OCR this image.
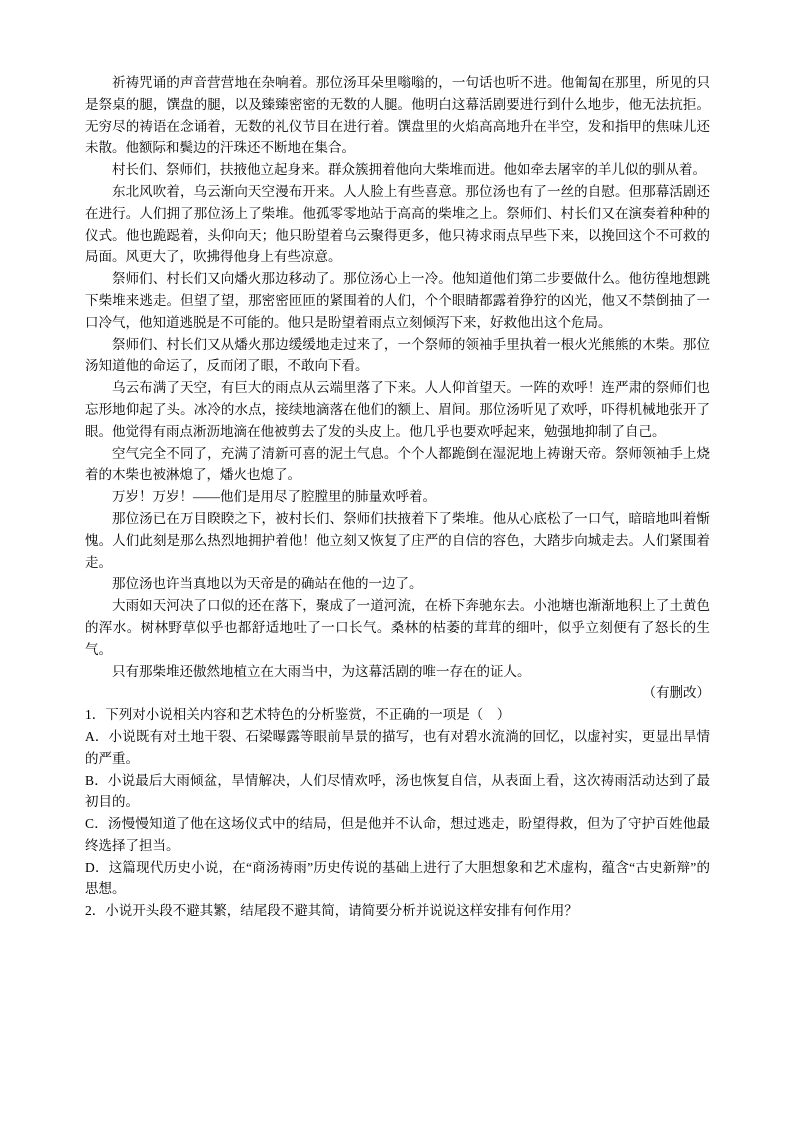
祈祷咒诵的声音营营地在杂响着。那位汤耳朵里嗡嗡的，一句话也听不进。他匍匐在那里，所见的只是祭桌的腿，馔盘的腿，以及臻臻密密的无数的人腿。他明白这幕活剧要进行到什么地步，他无法抗拒。无穷尽的祷语在念诵着，无数的礼仪节目在进行着。馔盘里的火焰高高地升在半空，发和指甲的焦味儿还未散。他额际和鬓边的汗珠还不断地在集合。

村长们、祭师们，扶掖他立起身来。群众簇拥着他向大柴堆而进。他如牵去屠宰的羊儿似的驯从着。

东北风吹着，乌云渐向天空漫布开来。人人脸上有些喜意。那位汤也有了一丝的自慰。但那幕活剧还在进行。人们拥了那位汤上了柴堆。他孤零零地站于高高的柴堆之上。祭师们、村长们又在演奏着种种的仪式。他也跪跽着，头仰向天；他只盼望着乌云聚得更多，他只祷求雨点早些下来，以挽回这个不可救的局面。风更大了，吹拂得他身上有些凉意。

祭师们、村长们又向燔火那边移动了。那位汤心上一冷。他知道他们第二步要做什么。他彷徨地想跳下柴堆来逃走。但望了望，那密密匝匝的紧围着的人们，个个眼睛都露着狰狞的凶光，他又不禁倒抽了一口冷气，他知道逃脱是不可能的。他只是盼望着雨点立刻倾泻下来，好救他出这个危局。

祭师们、村长们又从燔火那边缓缓地走过来了，一个祭师的领袖手里执着一根火光熊熊的木柴。那位汤知道他的命运了，反而闭了眼，不敢向下看。

乌云布满了天空，有巨大的雨点从云端里落了下来。人人仰首望天。一阵的欢呼！连严肃的祭师们也忘形地仰起了头。冰冷的水点，接续地滴落在他们的额上、眉间。那位汤听见了欢呼，吓得机械地张开了眼。他觉得有雨点淅沥地滴在他被剪去了发的头皮上。他几乎也要欢呼起来，勉强地抑制了自己。

空气完全不同了，充满了清新可喜的泥土气息。个个人都跪倒在湿泥地上祷谢天帝。祭师领袖手上烧着的木柴也被淋熄了，燔火也熄了。

万岁！万岁！——他们是用尽了腔膛里的肺量欢呼着。

那位汤已在万目睽睽之下，被村长们、祭师们扶掖着下了柴堆。他从心底松了一口气，暗暗地叫着惭愧。人们此刻是那么热烈地拥护着他！他立刻又恢复了庄严的自信的容色，大踏步向城走去。人们紧围着走。

那位汤也许当真地以为天帝是的确站在他的一边了。

大雨如天河决了口似的还在落下，聚成了一道河流，在桥下奔驰东去。小池塘也渐渐地积上了土黄色的浑水。树林野草似乎也都舒适地吐了一口长气。桑林的枯萎的茸茸的细叶，似乎立刻便有了怒长的生气。

只有那柴堆还傲然地植立在大雨当中，为这幕活剧的唯一存在的证人。

（有删改）

1．下列对小说相关内容和艺术特色的分析鉴赏，不正确的一项是（　）

A．小说既有对土地干裂、石梁曝露等眼前旱景的描写，也有对碧水流淌的回忆，以虚衬实，更显出旱情的严重。

B．小说最后大雨倾盆，旱情解决，人们尽情欢呼，汤也恢复自信，从表面上看，这次祷雨活动达到了最初目的。

C．汤慢慢知道了他在这场仪式中的结局，但是他并不认命，想过逃走，盼望得救，但为了守护百姓他最终选择了担当。

D．这篇现代历史小说，在“商汤祷雨”历史传说的基础上进行了大胆想象和艺术虚构，蕴含“古史新辩”的思想。

2．小说开头段不避其繁，结尾段不避其简，请简要分析并说说这样安排有何作用？
